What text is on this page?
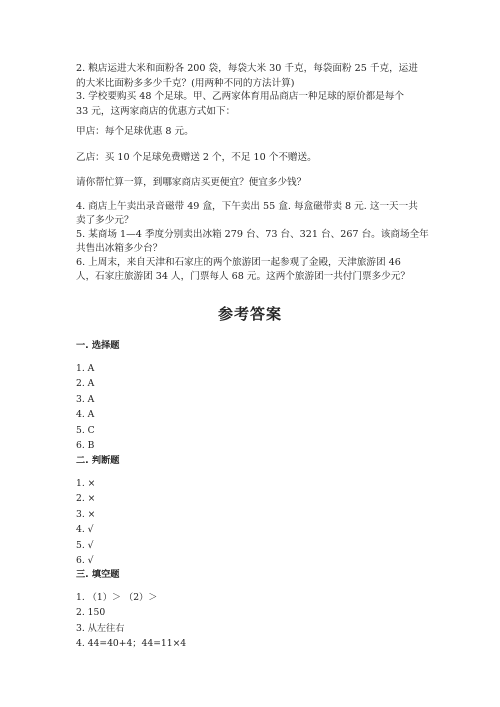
2. 粮店运进大米和面粉各 200 袋，每袋大米 30 千克，每袋面粉 25 千克，运进
的大米比面粉多多少千克？(用两种不同的方法计算)
3. 学校要购买 48 个足球。甲、乙两家体育用品商店一种足球的原价都是每个
33 元，这两家商店的优惠方式如下：
甲店：每个足球优惠 8 元。
乙店：买 10 个足球免费赠送 2 个，不足 10 个不赠送。
请你帮忙算一算，到哪家商店买更便宜？便宜多少钱？
4. 商店上午卖出录音磁带 49 盒，下午卖出 55 盒. 每盒磁带卖 8 元. 这一天一共
卖了多少元？
5. 某商场 1—4 季度分别卖出冰箱 279 台、73 台、321 台、267 台。该商场全年
共售出冰箱多少台？
6. 上周末，来自天津和石家庄的两个旅游团一起参观了金殿，天津旅游团 46
人，石家庄旅游团 34 人，门票每人 68 元。这两个旅游团一共付门票多少元？
参考答案
一. 选择题
1. A
2. A
3. A
4. A
5. C
6. B
二. 判断题
1. ×
2. ×
3. ×
4. √
5. √
6. √
三. 填空题
1. （1）＞ （2）＞
2. 150
3. 从左往右
4. 44=40+4；44=11×4
